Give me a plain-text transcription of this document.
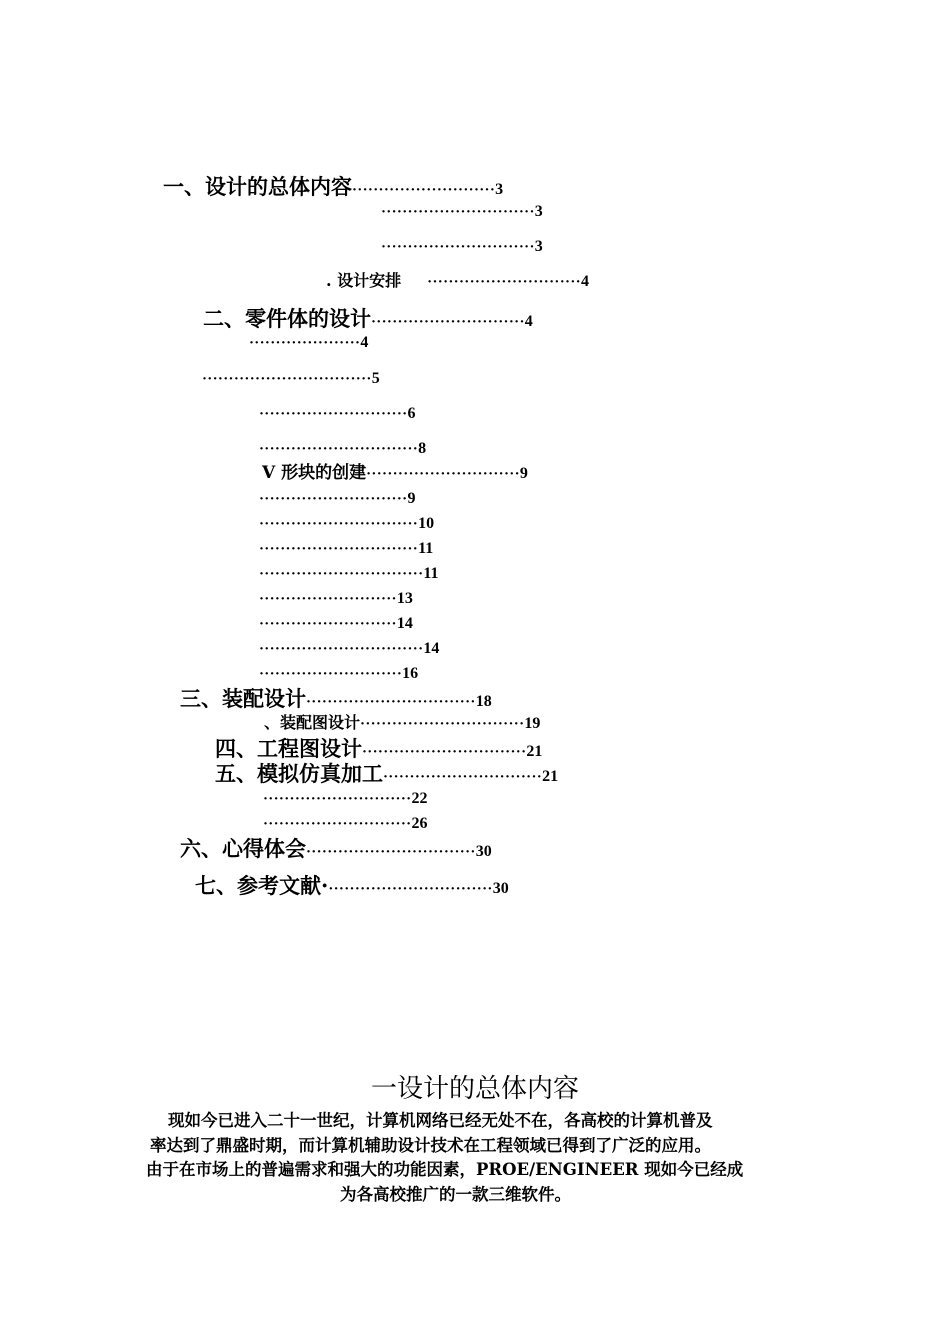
一、设计的总体内容···························3
·····························3
·····························3
. 设计安排 ·····························4
二、零件体的设计·····························4
·····················4
································5
····························6
······························8
V 形块的创建·····························9
····························9
······························10
······························11
·······························11
··························13
··························14
·······························14
···························16
三、装配设计································18
、装配图设计·······························19
四、工程图设计·······························21
五、模拟仿真加工······························21
····························22
····························26
六、心得体会································30
七、参考文献································30
一设计的总体内容
现如今已进入二十一世纪，计算机网络已经无处不在，各高校的计算机普及
率达到了鼎盛时期，而计算机辅助设计技术在工程领域已得到了广泛的应用。
由于在市场上的普遍需求和强大的功能因素，PROE/ENGINEER 现如今已经成
为各高校推广的一款三维软件。
